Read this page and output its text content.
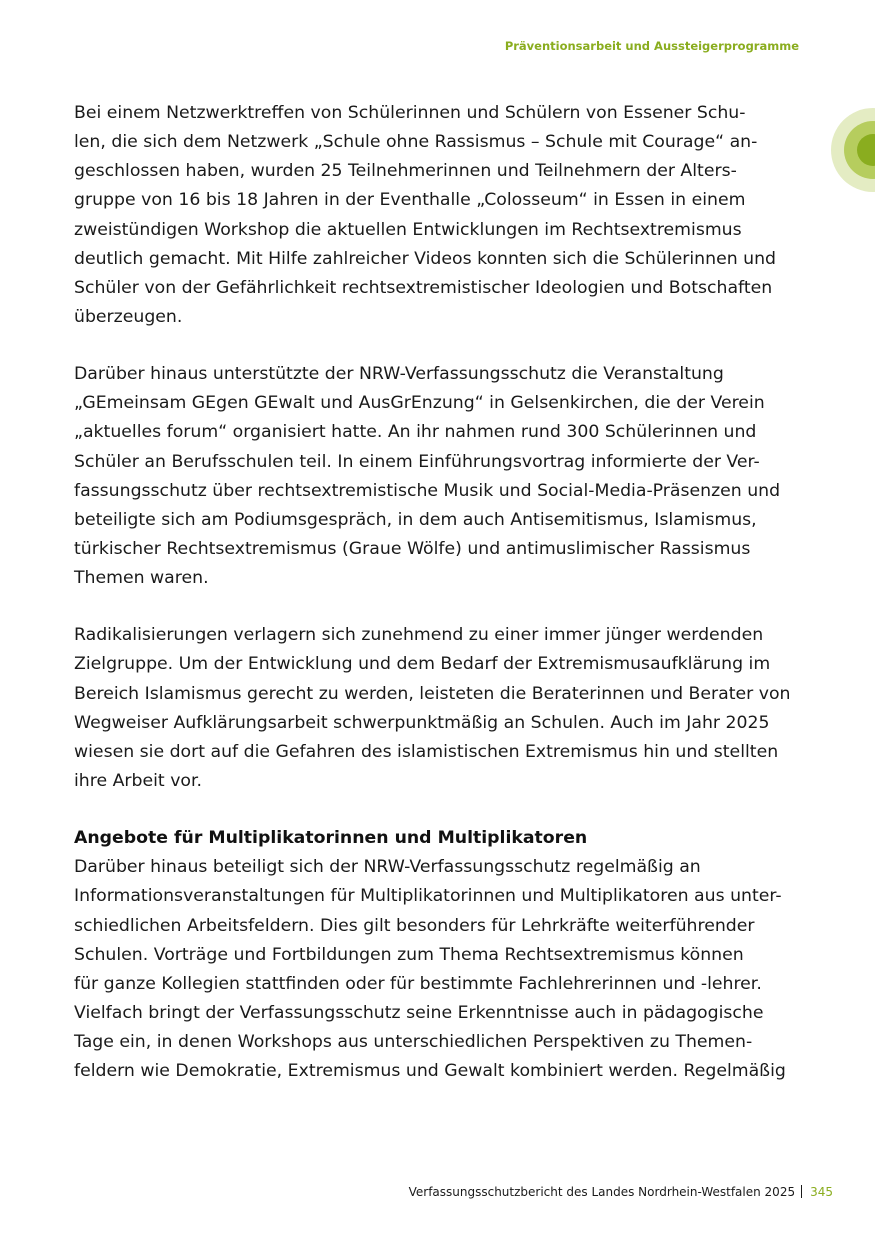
Präventionsarbeit und Aussteigerprogramme
Bei einem Netzwerktreffen von Schülerinnen und Schülern von Essener Schu-
len, die sich dem Netzwerk „Schule ohne Rassismus – Schule mit Courage“ an-
geschlossen haben, wurden 25 Teilnehmerinnen und Teilnehmern der Alters-
gruppe von 16 bis 18 Jahren in der Eventhalle „Colosseum“ in Essen in einem
zweistündigen Workshop die aktuellen Entwicklungen im Rechtsextremismus
deutlich gemacht. Mit Hilfe zahlreicher Videos konnten sich die Schülerinnen und
Schüler von der Gefährlichkeit rechtsextremistischer Ideologien und Botschaften
überzeugen.
Darüber hinaus unterstützte der NRW-Verfassungsschutz die Veranstaltung
„GEmeinsam GEgen GEwalt und AusGrEnzung“ in Gelsenkirchen, die der Verein
„aktuelles forum“ organisiert hatte. An ihr nahmen rund 300 Schülerinnen und
Schüler an Berufsschulen teil. In einem Einführungsvortrag informierte der Ver-
fassungsschutz über rechtsextremistische Musik und Social-Media-Präsenzen und
beteiligte sich am Podiumsgespräch, in dem auch Antisemitismus, Islamismus,
türkischer Rechtsextremismus (Graue Wölfe) und antimuslimischer Rassismus
Themen waren.
Radikalisierungen verlagern sich zunehmend zu einer immer jünger werdenden
Zielgruppe. Um der Entwicklung und dem Bedarf der Extremismusaufklärung im
Bereich Islamismus gerecht zu werden, leisteten die Beraterinnen und Berater von
Wegweiser Aufklärungsarbeit schwerpunktmäßig an Schulen. Auch im Jahr 2025
wiesen sie dort auf die Gefahren des islamistischen Extremismus hin und stellten
ihre Arbeit vor.
Angebote für Multiplikatorinnen und Multiplikatoren
Darüber hinaus beteiligt sich der NRW-Verfassungsschutz regelmäßig an
Informationsveranstaltungen für Multiplikatorinnen und Multiplikatoren aus unter-
schiedlichen Arbeitsfeldern. Dies gilt besonders für Lehrkräfte weiterführender
Schulen. Vorträge und Fortbildungen zum Thema Rechtsextremismus können
für ganze Kollegien stattfinden oder für bestimmte Fachlehrerinnen und -lehrer.
Vielfach bringt der Verfassungsschutz seine Erkenntnisse auch in pädagogische
Tage ein, in denen Workshops aus unterschiedlichen Perspektiven zu Themen-
feldern wie Demokratie, Extremismus und Gewalt kombiniert werden. Regelmäßig
Verfassungsschutzbericht des Landes Nordrhein-Westfalen 2025 345
